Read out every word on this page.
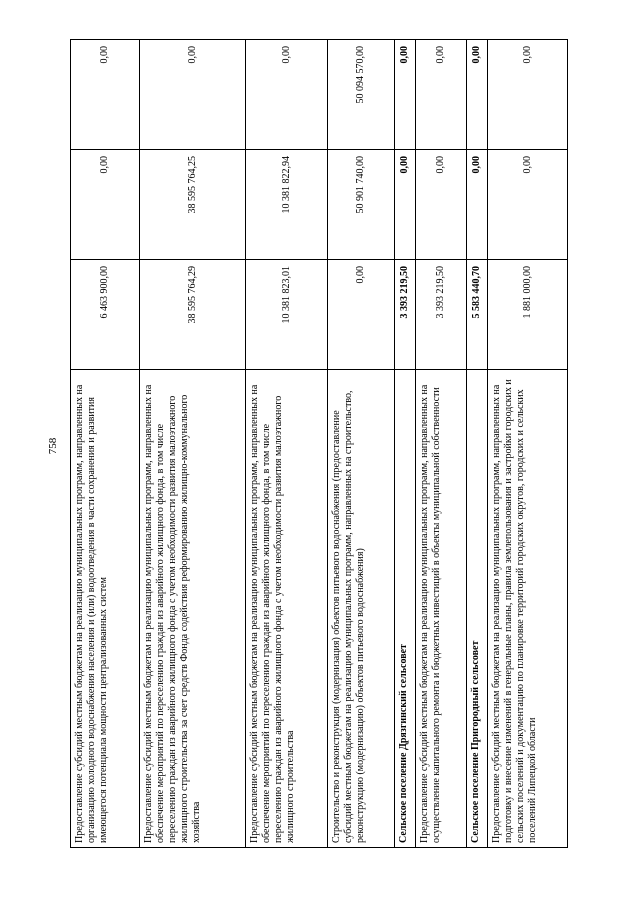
758 Предоставление субсидий местным бюджетам на реализацию муниципальных программ, направленных на организацию холодного водоснабжения населения и (или) водоотведения в части сохранения и развития имеющегося потенциала мощности централизованных систем	6 463 900,00	0,00	0,00
Предоставление субсидий местным бюджетам на реализацию муниципальных программ, направленных на обеспечение мероприятий по переселению граждан из аварийного жилищного фонда, в том числе переселению граждан из аварийного жилищного фонда с учетом необходимости развития малоэтажного жилищного строительства за счет средств Фонда содействия реформированию жилищно-коммунального хозяйства	38 595 764,29	38 595 764,25	0,00
Предоставление субсидий местным бюджетам на реализацию муниципальных программ, направленных на обеспечение мероприятий по переселению граждан из аварийного жилищного фонда, в том числе переселению граждан из аварийного жилищного фонда с учетом необходимости развития малоэтажного жилищного строительства	10 381 823,01	10 381 822,94	0,00
Строительство и реконструкция (модернизация) объектов питьевого водоснабжения (предоставление субсидий местным бюджетам на реализацию муниципальных программ, направленных на строительство, реконструкцию (модернизацию) объектов питьевого водоснабжения)	0,00	50 901 740,00	50 094 570,00
Сельское поселение Дрязгинский сельсовет	3 393 219,50	0,00	0,00
Предоставление субсидий местным бюджетам на реализацию муниципальных программ, направленных на осуществление капитального ремонта и бюджетных инвестиций в объекты муниципальной собственности	3 393 219,50	0,00	0,00
Сельское поселение Пригородный сельсовет	5 583 440,70	0,00	0,00
Предоставление субсидий местным бюджетам на реализацию муниципальных программ, направленных на подготовку и внесение изменений в генеральные планы, правила землепользования и застройки городских и сельских поселений и документацию по планировке территорий городских округов, городских и сельских поселений Липецкой области	1 881 000,00	0,00	0,00
